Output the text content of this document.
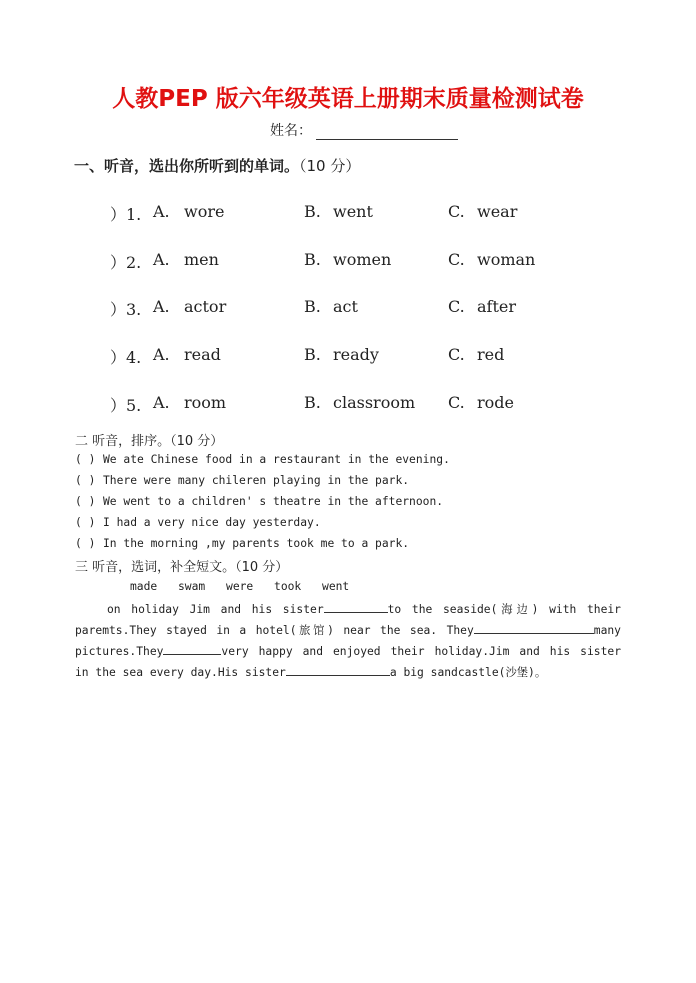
人教PEP 版六年级英语上册期末质量检测试卷
姓名：
一、听音，选出你所听到的单词。（10 分）
）1. A. wore	B. went	C. wear
）2. A. men	B. women	C. woman
）3. A. actor	B. act	C. after
）4. A. read	B. ready	C. red
）5. A. room	B. classroom C. rode
二 听音，排序。（10 分）
( ) We ate Chinese food in a restaurant in the evening.
( ) There were many chileren playing in the park.
( ) We went to a children' s theatre in the afternoon.
( ) I had a very nice day yesterday.
( ) In the morning ,my parents took me to a park.
三 听音，选词，补全短文。（10 分）
made swam were took went
on holiday Jim and his sister	to the seaside(海边) with their
paremts.They stayed in a hotel(旅馆) near the sea. They	many
pictures.They	very happy and enjoyed their holiday.Jim and his sister
in the sea every day.His sister	a big sandcastle(沙堡)。
